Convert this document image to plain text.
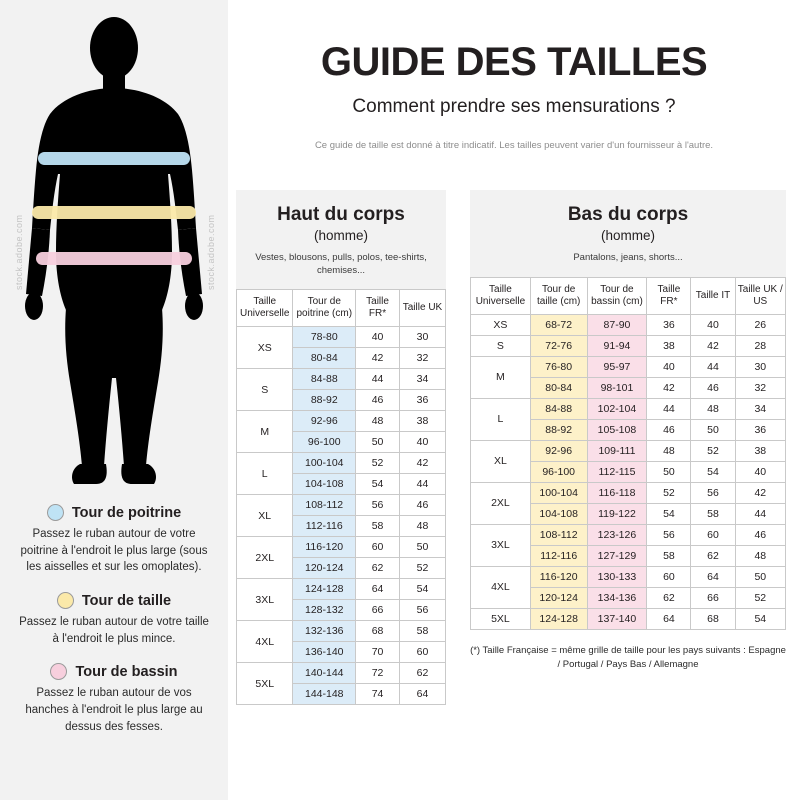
stock.adobe.com	stock.adobe.com
Tour de poitrine
Passez le ruban autour de votre poitrine à l'endroit le plus large (sous les aisselles et sur les omoplates).
Tour de taille
Passez le ruban autour de votre taille à l'endroit le plus mince.
Tour de bassin
Passez le ruban autour de vos hanches à l'endroit le plus large au dessus des fesses.
GUIDE DES TAILLES
Comment prendre ses mensurations ?
Ce guide de taille est donné à titre indicatif. Les tailles peuvent varier d'un fournisseur à l'autre.
Haut du corps
(homme)
Vestes, blousons, pulls, polos, tee-shirts, chemises...
Taille Universelle	Tour de poitrine (cm)	Taille FR*	Taille UK
XS	78-80	40	30
	80-84	42	32
S	84-88	44	34
	88-92	46	36
M	92-96	48	38
	96-100	50	40
L	100-104	52	42
	104-108	54	44
XL	108-112	56	46
	112-116	58	48
2XL	116-120	60	50
	120-124	62	52
3XL	124-128	64	54
	128-132	66	56
4XL	132-136	68	58
	136-140	70	60
5XL	140-144	72	62
	144-148	74	64
Bas du corps
(homme)
Pantalons, jeans, shorts...
Taille Universelle	Tour de taille (cm)	Tour de bassin (cm)	Taille FR*	Taille IT	Taille UK / US
XS	68-72	87-90	36	40	26
S	72-76	91-94	38	42	28
M	76-80	95-97	40	44	30
	80-84	98-101	42	46	32
L	84-88	102-104	44	48	34
	88-92	105-108	46	50	36
XL	92-96	109-111	48	52	38
	96-100	112-115	50	54	40
2XL	100-104	116-118	52	56	42
	104-108	119-122	54	58	44
3XL	108-112	123-126	56	60	46
	112-116	127-129	58	62	48
4XL	116-120	130-133	60	64	50
	120-124	134-136	62	66	52
5XL	124-128	137-140	64	68	54
(*) Taille Française = même grille de taille pour les pays suivants : Espagne / Portugal / Pays Bas / Allemagne
